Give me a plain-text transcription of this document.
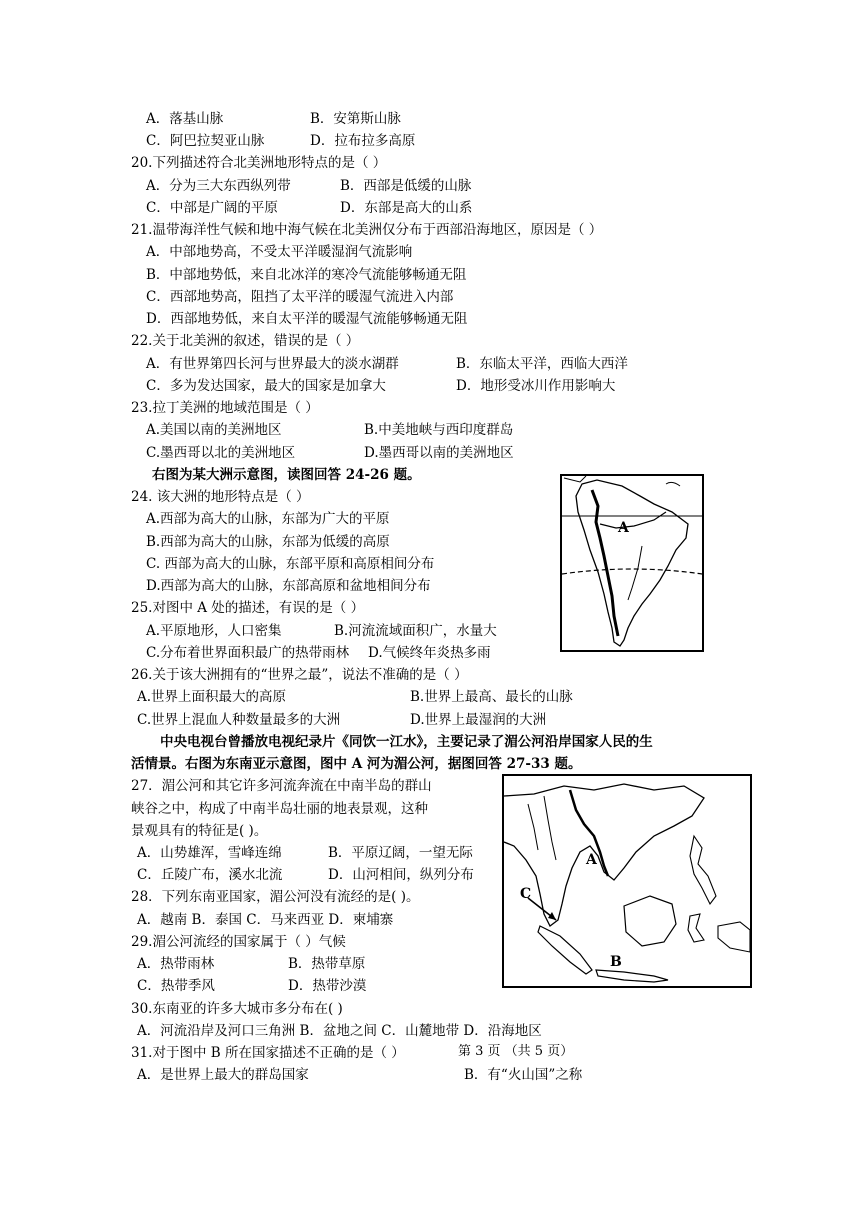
A．落基山脉	B．安第斯山脉
C．阿巴拉契亚山脉	D．拉布拉多高原
20.下列描述符合北美洲地形特点的是（ ）
A．分为三大东西纵列带	B．西部是低缓的山脉
C．中部是广阔的平原	D．东部是高大的山系
21.温带海洋性气候和地中海气候在北美洲仅分布于西部沿海地区，原因是（ ）
A．中部地势高，不受太平洋暖湿润气流影响
B．中部地势低，来自北冰洋的寒冷气流能够畅通无阻
C．西部地势高，阻挡了太平洋的暖湿气流进入内部
D．西部地势低，来自太平洋的暖湿气流能够畅通无阻
22.关于北美洲的叙述，错误的是（ ）
A．有世界第四长河与世界最大的淡水湖群	B．东临太平洋，西临大西洋
C．多为发达国家，最大的国家是加拿大	D．地形受冰川作用影响大
23.拉丁美洲的地域范围是（ ）
A.美国以南的美洲地区	B.中美地峡与西印度群岛
C.墨西哥以北的美洲地区	D.墨西哥以南的美洲地区
右图为某大洲示意图，读图回答 24-26 题。
24. 该大洲的地形特点是（ ）
A.西部为高大的山脉，东部为广大的平原
B.西部为高大的山脉，东部为低缓的高原
C. 西部为高大的山脉，东部平原和高原相间分布
D.西部为高大的山脉，东部高原和盆地相间分布
25.对图中 A 处的描述，有误的是（ ）
A.平原地形，人口密集	B.河流流域面积广，水量大
C.分布着世界面积最广的热带雨林 D.气候终年炎热多雨
26.关于该大洲拥有的“世界之最”，说法不准确的是（ ）
A.世界上面积最大的高原	B.世界上最高、最长的山脉
C.世界上混血人种数量最多的大洲	D.世界上最湿润的大洲
中央电视台曾播放电视纪录片《同饮一江水》，主要记录了湄公河沿岸国家人民的生
活情景。右图为东南亚示意图，图中 A 河为湄公河，据图回答 27-33 题。
27．湄公河和其它许多河流奔流在中南半岛的群山
峡谷之中，构成了中南半岛壮丽的地表景观，这种
景观具有的特征是( )。
A．山势雄浑，雪峰连绵	B．平原辽阔，一望无际
C．丘陵广布，溪水北流	D．山河相间，纵列分布
28．下列东南亚国家，湄公河没有流经的是( )。
A．越南 B．泰国 C．马来西亚 D．柬埔寨
29.湄公河流经的国家属于（ ）气候
A．热带雨林	B．热带草原
C．热带季风	D．热带沙漠
30.东南亚的许多大城市多分布在( )
A．河流沿岸及河口三角洲 B．盆地之间 C．山麓地带 D．沿海地区
31.对于图中 B 所在国家描述不正确的是（ ）
A．是世界上最大的群岛国家	B．有“火山国”之称
第 3 页 （共 5 页）
A
A
B
C
